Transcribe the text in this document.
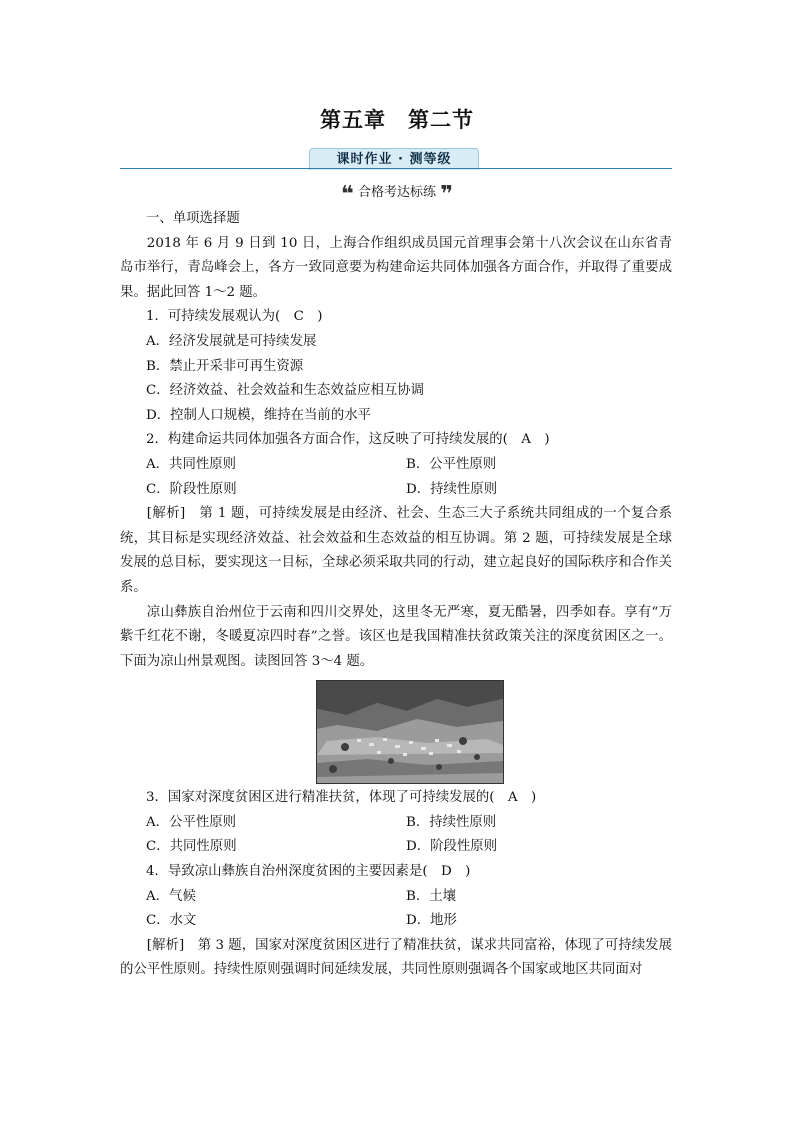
第五章　第二节
课时作业 · 测等级
❝ 合格考达标练 ❞

一、单项选择题

2018 年 6 月 9 日到 10 日，上海合作组织成员国元首理事会第十八次会议在山东省青岛市举行，青岛峰会上，各方一致同意要为构建命运共同体加强各方面合作，并取得了重要成果。据此回答 1～2 题。

1．可持续发展观认为(　C　)

A．经济发展就是可持续发展

B．禁止开采非可再生资源

C．经济效益、社会效益和生态效益应相互协调

D．控制人口规模，维持在当前的水平

2．构建命运共同体加强各方面合作，这反映了可持续发展的(　A　)

A．共同性原则	B．公平性原则
C．阶段性原则	D．持续性原则

[解析]　第 1 题，可持续发展是由经济、社会、生态三大子系统共同组成的一个复合系统，其目标是实现经济效益、社会效益和生态效益的相互协调。第 2 题，可持续发展是全球发展的总目标，要实现这一目标，全球必须采取共同的行动，建立起良好的国际秩序和合作关系。

凉山彝族自治州位于云南和四川交界处，这里冬无严寒，夏无酷暑，四季如春。享有“万紫千红花不谢，冬暖夏凉四时春”之誉。该区也是我国精准扶贫政策关注的深度贫困区之一。下面为凉山州景观图。读图回答 3～4 题。

3．国家对深度贫困区进行精准扶贫，体现了可持续发展的(　A　)

A．公平性原则	B．持续性原则
C．共同性原则	D．阶段性原则

4．导致凉山彝族自治州深度贫困的主要因素是(　D　)

A．气候	B．土壤
C．水文	D．地形

[解析]　第 3 题，国家对深度贫困区进行了精准扶贫，谋求共同富裕，体现了可持续发展的公平性原则。持续性原则强调时间延续发展，共同性原则强调各个国家或地区共同面对
